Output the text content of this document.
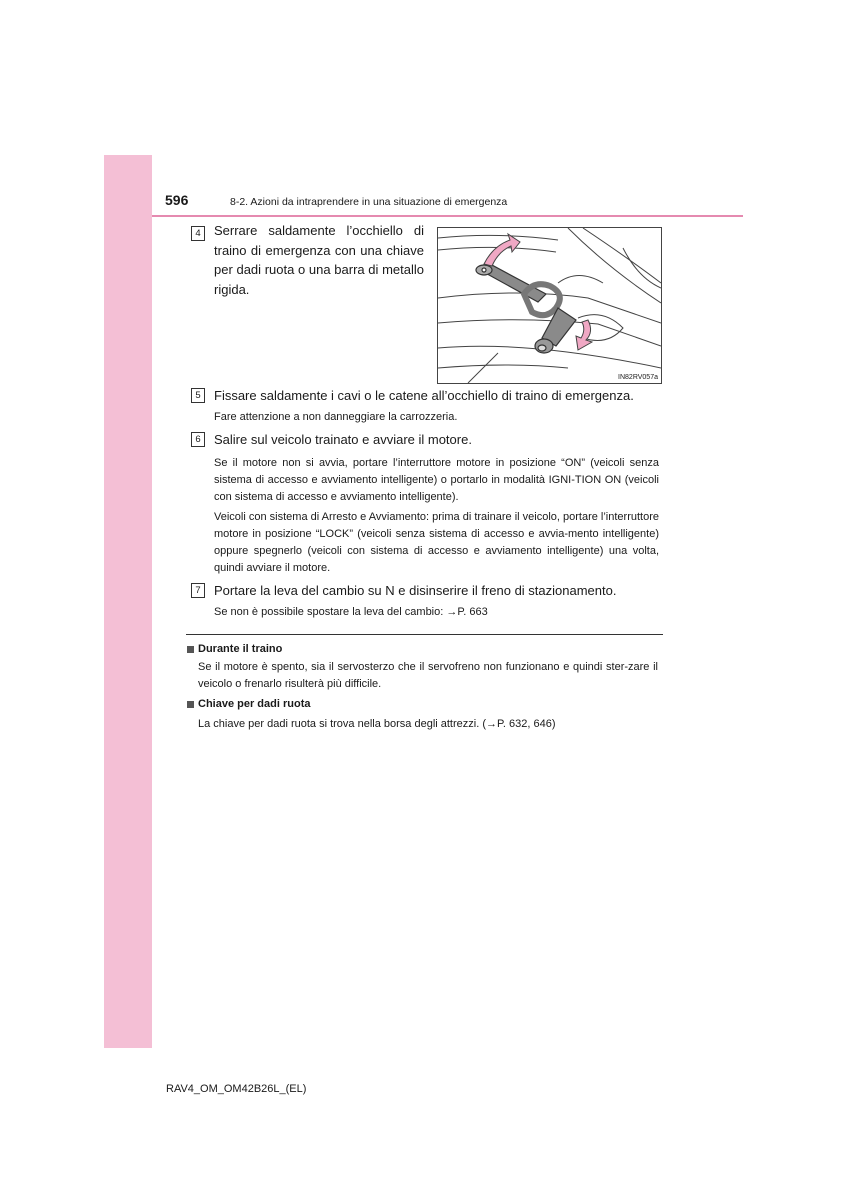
596	8-2. Azioni da intraprendere in una situazione di emergenza
4	Serrare saldamente l’occhiello di traino di emergenza con una chiave per dadi ruota o una barra di metallo rigida.
IN82RV057a
5	Fissare saldamente i cavi o le catene all’occhiello di traino di emergenza.
Fare attenzione a non danneggiare la carrozzeria.
6	Salire sul veicolo trainato e avviare il motore.
Se il motore non si avvia, portare l’interruttore motore in posizione “ON” (veicoli senza sistema di accesso e avviamento intelligente) o portarlo in modalità IGNI-TION ON (veicoli con sistema di accesso e avviamento intelligente).
Veicoli con sistema di Arresto e Avviamento: prima di trainare il veicolo, portare l’interruttore motore in posizione “LOCK” (veicoli senza sistema di accesso e avvia-mento intelligente) oppure spegnerlo (veicoli con sistema di accesso e avviamento intelligente) una volta, quindi avviare il motore.
7	Portare la leva del cambio su N e disinserire il freno di stazionamento.
Se non è possibile spostare la leva del cambio: →P. 663
Durante il traino
Se il motore è spento, sia il servosterzo che il servofreno non funzionano e quindi ster-zare il veicolo o frenarlo risulterà più difficile.
Chiave per dadi ruota
La chiave per dadi ruota si trova nella borsa degli attrezzi. (→P. 632, 646)
RAV4_OM_OM42B26L_(EL)
